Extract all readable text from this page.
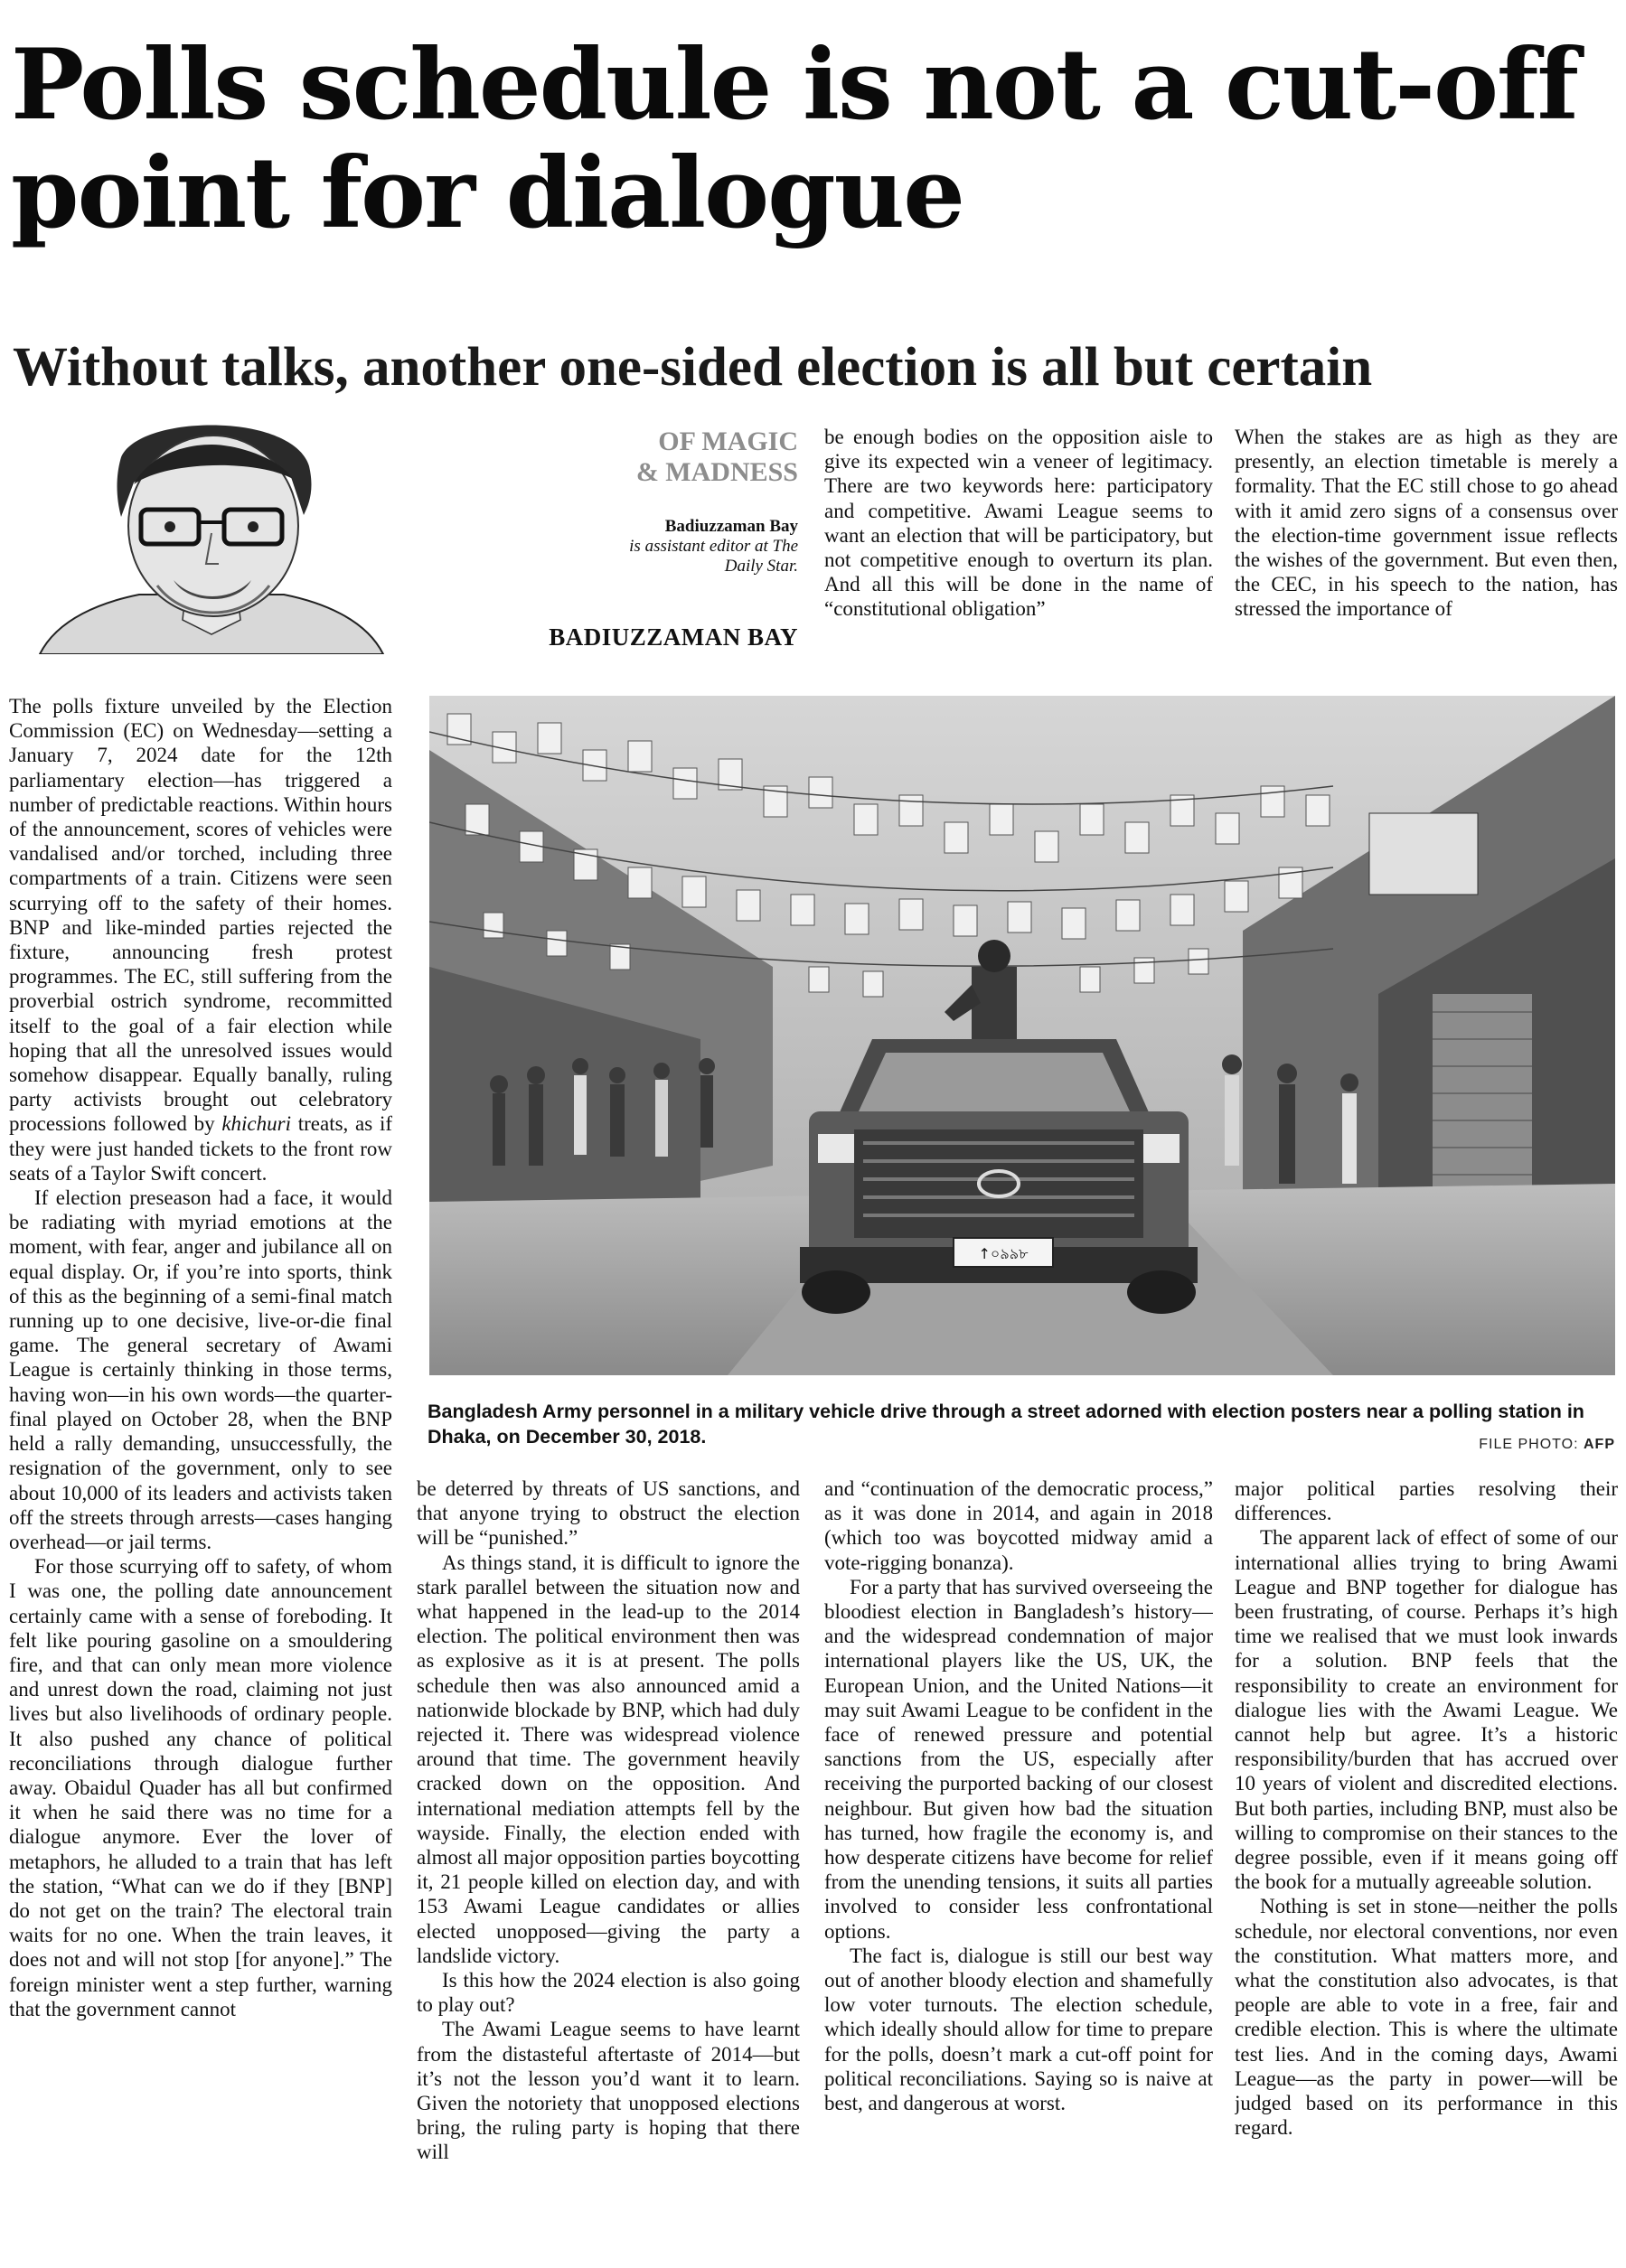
Polls schedule is not a cut-off point for dialogue
Without talks, another one-sided election is all but certain
OF MAGIC
& MADNESS
Badiuzzaman Bay
is assistant editor at The Daily Star.
BADIUZZAMAN BAY

be enough bodies on the opposition aisle to give its expected win a veneer of legitimacy. There are two keywords here: participatory and competitive. Awami League seems to want an election that will be participatory, but not competitive enough to overturn its plan. And all this will be done in the name of “constitutional obligation”

When the stakes are as high as they are presently, an election timetable is merely a formality. That the EC still chose to go ahead with it amid zero signs of a consensus over the election-time government issue reflects the wishes of the government. But even then, the CEC, in his speech to the nation, has stressed the importance of

The polls fixture unveiled by the Election Commission (EC) on Wednesday—setting a January 7, 2024 date for the 12th parliamentary election—has triggered a number of predictable reactions. Within hours of the announcement, scores of vehicles were vandalised and/or torched, including three compartments of a train. Citizens were seen scurrying off to the safety of their homes. BNP and like-minded parties rejected the fixture, announcing fresh protest programmes. The EC, still suffering from the proverbial ostrich syndrome, recommitted itself to the goal of a fair election while hoping that all the unresolved issues would somehow disappear. Equally banally, ruling party activists brought out celebratory processions followed by khichuri treats, as if they were just handed tickets to the front row seats of a Taylor Swift concert.

If election preseason had a face, it would be radiating with myriad emotions at the moment, with fear, anger and jubilance all on equal display. Or, if you’re into sports, think of this as the beginning of a semi-final match running up to one decisive, live-or-die final game. The general secretary of Awami League is certainly thinking in those terms, having won—in his own words—the quarter-final played on October 28, when the BNP held a rally demanding, unsuccessfully, the resignation of the government, only to see about 10,000 of its leaders and activists taken off the streets through arrests—cases hanging overhead—or jail terms.

For those scurrying off to safety, of whom I was one, the polling date announcement certainly came with a sense of foreboding. It felt like pouring gasoline on a smouldering fire, and that can only mean more violence and unrest down the road, claiming not just lives but also livelihoods of ordinary people. It also pushed any chance of political reconciliations through dialogue further away. Obaidul Quader has all but confirmed it when he said there was no time for a dialogue anymore. Ever the lover of metaphors, he alluded to a train that has left the station, “What can we do if they [BNP] do not get on the train? The electoral train waits for no one. When the train leaves, it does not and will not stop [for anyone].” The foreign minister went a step further, warning that the government cannot

↑০৯৯৮
Bangladesh Army personnel in a military vehicle drive through a street adorned with election posters near a polling station in Dhaka, on December 30, 2018.	FILE PHOTO: AFP

be deterred by threats of US sanctions, and that anyone trying to obstruct the election will be “punished.”

As things stand, it is difficult to ignore the stark parallel between the situation now and what happened in the lead-up to the 2014 election. The political environment then was as explosive as it is at present. The polls schedule then was also announced amid a nationwide blockade by BNP, which had duly rejected it. There was widespread violence around that time. The government heavily cracked down on the opposition. And international mediation attempts fell by the wayside. Finally, the election ended with almost all major opposition parties boycotting it, 21 people killed on election day, and with 153 Awami League candidates or allies elected unopposed—giving the party a landslide victory.

Is this how the 2024 election is also going to play out?

The Awami League seems to have learnt from the distasteful aftertaste of 2014—but it’s not the lesson you’d want it to learn. Given the notoriety that unopposed elections bring, the ruling party is hoping that there will

and “continuation of the democratic process,” as it was done in 2014, and again in 2018 (which too was boycotted midway amid a vote-rigging bonanza).

For a party that has survived overseeing the bloodiest election in Bangladesh’s history—and the widespread condemnation of major international players like the US, UK, the European Union, and the United Nations—it may suit Awami League to be confident in the face of renewed pressure and potential sanctions from the US, especially after receiving the purported backing of our closest neighbour. But given how bad the situation has turned, how fragile the economy is, and how desperate citizens have become for relief from the unending tensions, it suits all parties involved to consider less confrontational options.

The fact is, dialogue is still our best way out of another bloody election and shamefully low voter turnouts. The election schedule, which ideally should allow for time to prepare for the polls, doesn’t mark a cut-off point for political reconciliations. Saying so is naive at best, and dangerous at worst.

major political parties resolving their differences.

The apparent lack of effect of some of our international allies trying to bring Awami League and BNP together for dialogue has been frustrating, of course. Perhaps it’s high time we realised that we must look inwards for a solution. BNP feels that the responsibility to create an environment for dialogue lies with the Awami League. We cannot help but agree. It’s a historic responsibility/burden that has accrued over 10 years of violent and discredited elections. But both parties, including BNP, must also be willing to compromise on their stances to the degree possible, even if it means going off the book for a mutually agreeable solution.

Nothing is set in stone—neither the polls schedule, nor electoral conventions, nor even the constitution. What matters more, and what the constitution also advocates, is that people are able to vote in a free, fair and credible election. This is where the ultimate test lies. And in the coming days, Awami League—as the party in power—will be judged based on its performance in this regard.
